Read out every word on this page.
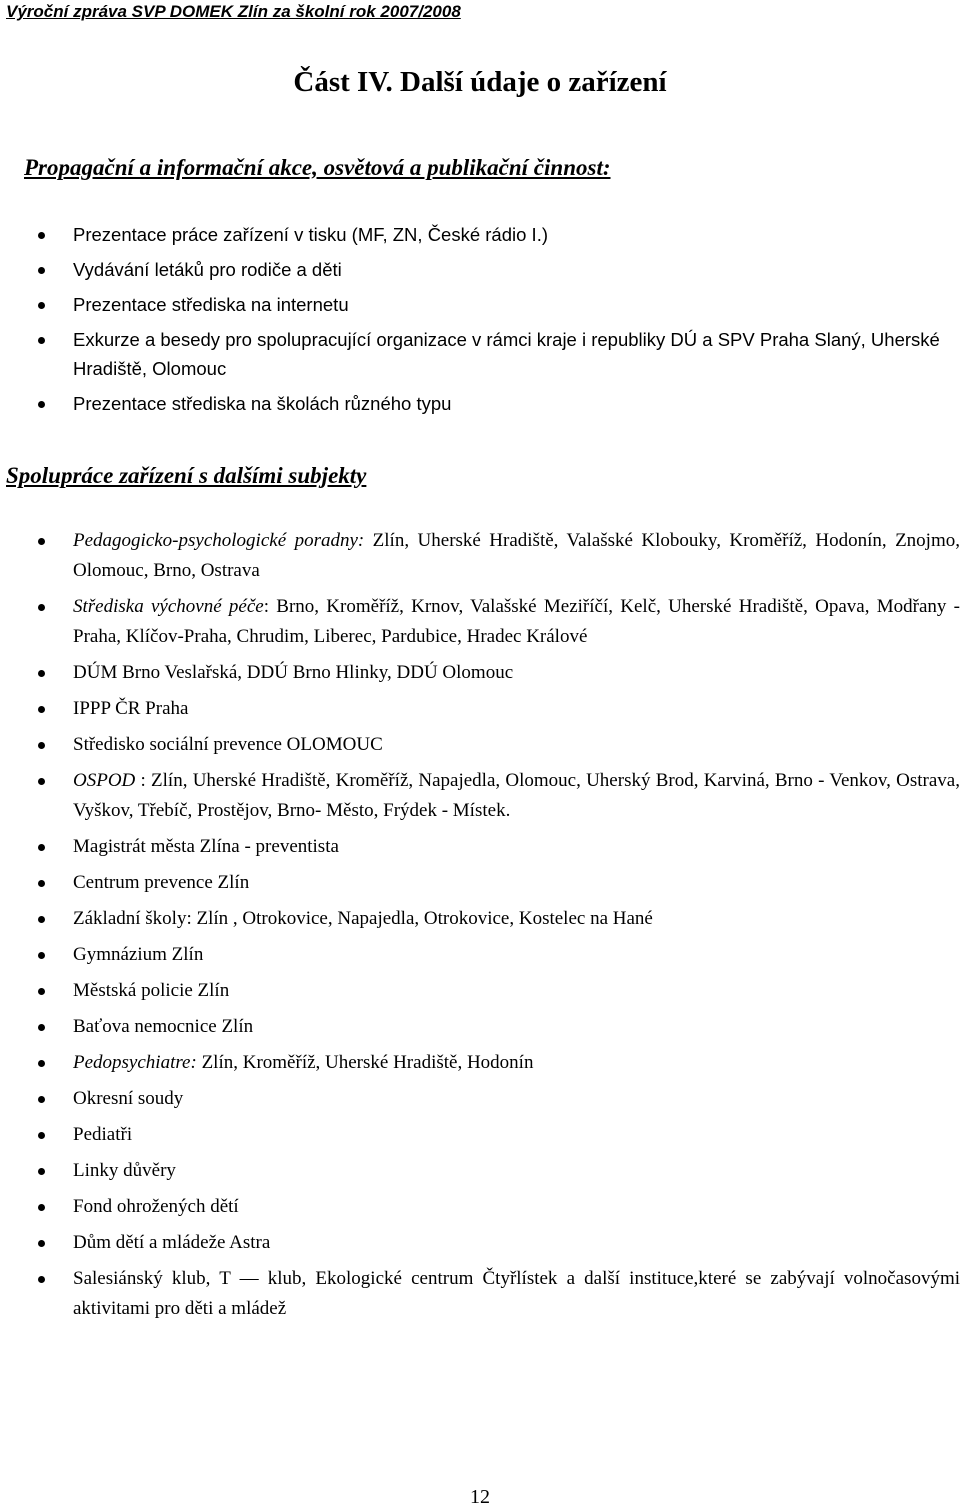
Výroční zpráva SVP DOMEK Zlín za školní rok 2007/2008
Část IV. Další údaje o zařízení
Propagační a informační akce, osvětová a publikační činnost:
Prezentace práce zařízení v tisku (MF, ZN, České rádio I.)
Vydávání letáků pro rodiče a děti
Prezentace střediska na internetu
Exkurze a besedy pro spolupracující organizace v rámci kraje i republiky DÚ a SPV Praha Slaný, Uherské Hradiště, Olomouc
Prezentace střediska na školách různého typu
Spolupráce zařízení s dalšími subjekty
Pedagogicko-psychologické poradny: Zlín, Uherské Hradiště, Valašské Klobouky, Kroměříž, Hodonín, Znojmo, Olomouc, Brno, Ostrava
Střediska výchovné péče: Brno, Kroměříž, Krnov, Valašské Meziříčí, Kelč, Uherské Hradiště, Opava, Modřany - Praha, Klíčov-Praha, Chrudim, Liberec, Pardubice, Hradec Králové
DÚM Brno Veslařská, DDÚ Brno Hlinky, DDÚ Olomouc
IPPP ČR Praha
Středisko sociální prevence OLOMOUC
OSPOD : Zlín, Uherské Hradiště, Kroměříž, Napajedla, Olomouc, Uherský Brod, Karviná, Brno - Venkov, Ostrava, Vyškov, Třebíč, Prostějov, Brno- Město, Frýdek - Místek.
Magistrát města Zlína - preventista
Centrum prevence Zlín
Základní školy: Zlín , Otrokovice, Napajedla, Otrokovice, Kostelec na Hané
Gymnázium Zlín
Městská policie Zlín
Baťova nemocnice Zlín
Pedopsychiatre: Zlín, Kroměříž, Uherské Hradiště, Hodonín
Okresní soudy
Pediatři
Linky důvěry
Fond ohrožených dětí
Dům dětí a mládeže Astra
Salesiánský klub, T — klub, Ekologické centrum Čtyřlístek a další instituce,které se zabývají volnočasovými aktivitami pro děti a mládež
12
